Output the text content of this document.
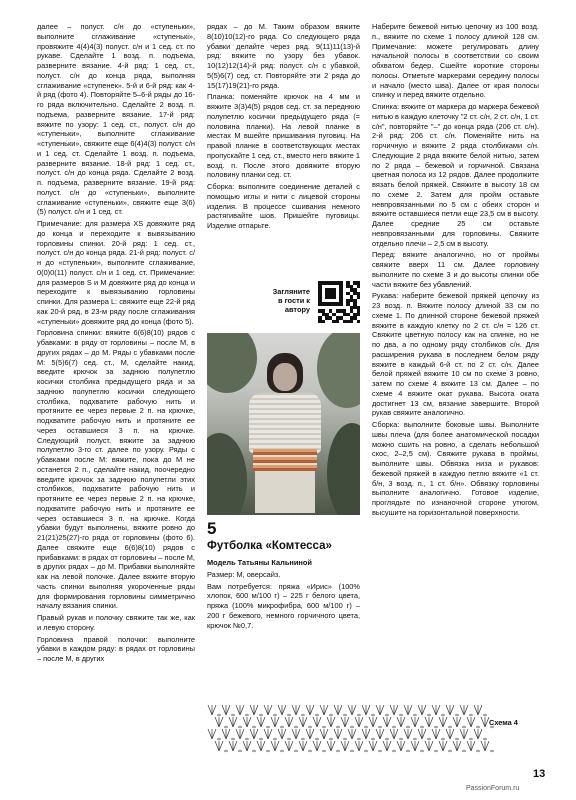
далее – полуст. с/н до «ступеньки», выполните сглаживание «ступенькі», провяжите 4(4)4(3) полуст. с/н и 1 сед. ст. по рукаве. Сделайте 1 возд. п. подъема, разверните вязание. 4-й ряд: 1 сед. ст., полуст. с/н до конца ряда, выполняя сглаживание «ступенек». 5-й и 6-й ряд: как 4-й ряд (фото 4). Повторяйте 5–6-й ряды до 16-го ряда включительно. Сделайте 2 возд. п. подъема, разверните вязание. 17-й ряд: вяжите по узору: 1 сед. ст., полуст. с/н до «ступеньки», выполните сглаживание «ступеньки», свяжите еще 6(4)4(3) полуст. с/н и 1 сед. ст. Сделайте 1 возд. п. подъема, разверните вязание. 18-й ряд: 1 сед. ст., полуст. с/н до конца ряда. Сделайте 2 возд. п. подъема, разверните вязание. 19-й ряд: полуст. с/н до «ступеньки», выполните сглаживание «ступеньки», свяжите еще 3(6)(5) полуст. с/н и 1 сед. ст.

Примечание: для размера XS довяжите ряд до конца и переходите к вывязыванию горловины спинки. 20-й ряд: 1 сед. ст., полуст. с/н до конца ряда. 21-й ряд: полуст. с/н до «ступеньки», выполните сглаживание, 0(0)0(11) полуст. с/н и 1 сед. ст. Примечание: для размеров S и M довяжите ряд до конца и переходите к вывязыванию горловины спинки. Для размера L: свяжите еще 22-й ряд как 20-й ряд, в 23-м ряду после сглаживания «ступеньки» довяжите ряд до конца (фото 5).

Горловина спинки: вяжите 6(6)8(10) рядов с убавками: в ряду от горловины – после М, в других рядах – до М. Ряды с убавками после М: 5(5)6(7) сед. ст., М, сделайте накид, введите крючок за заднюю полупетлю косички столбика предыдущего ряда и за заднюю полупетлю косички следующего столбика, подхватите рабочую нить и протяните ее через первые 2 п. на крючке, подхватите рабочую нить и протяните ее через оставшиеся 3 п. на крючке. Следующий полуст. вяжите за заднюю полупетлю 3-го ст. далее по узору. Ряды с убавками после М: вяжите, пока до М не останется 2 п., сделайте накид, поочередно введите крючок за заднюю полупетли этих столбиков, подхватите рабочую нить и протяните ее через первые 2 п. на крючке, подхватите рабочую нить и протяните ее через оставшиеся 3 п. на крючке. Когда убавки будут выполнены, вяжите ровно до 21(21)25(27)-го ряда от горловины (фото 6). Далее свяжите еще 6(6)8(10) рядов с прибавками: в рядах от горловины – после М, в других рядах – до М. Прибавки выполняйте как на левой полочке. Далее вяжите вторую часть спинки выполняя укороченные ряды для формирования горловины симметрично началу вязания спинки.

Правый рукав и полочку свяжите так же, как и левую сторону.

Горловина правой полочки: выполните убавки в каждом ряду: в рядах от горловины – после М, в других

рядах – до М. Таким образом вяжите 8(10)10(12)-го ряда. Со следующего ряда убавки делайте через ряд. 9(11)11(13)-й ряд: вяжите по узору без убавок. 10(12)12(14)-й ряд: полуст. с/н с убавкой, 5(5)6(7) сед. ст. Повторяйте эти 2 ряда до 15(17)19(21)-го ряда.

Планка: поменяйте крючок на 4 мм и вяжите 3(3)4(5) рядов сед. ст. за переднюю полупетлю косички предыдущего ряда (= половина планки). На левой планке в местах М вшейте пришивания пуговиц. На правой планке в соответствующих местах пропускайте 1 сед. ст., вместо него вяжите 1 возд. п. После этого довяжите вторую половину планки сед. ст.

Сборка: выполните соединение деталей с помощью иглы и нити с лицевой стороны изделия. В процессе сшивания немного растягивайте шов. Пришейте пуговицы. Изделие отпарьте.

Загляните в гости к автору
5
Футболка «Комтесса»

Модель Татьяны Кальниной

Размер: М, оверсайз.

Вам потребуется: пряжа «Ирис» (100% хлопок, 600 м/100 г) – 225 г белого цвета, пряжа (100% микрофибра, 600 м/100 г) – 200 г бежевого, немного горчичного цвета, крючок №0,7.

Наберите бежевой нитью цепочку из 100 возд. п., вяжите по схеме 1 полосу длиной 128 см. Примечание: можете регулировать длину начальной полосы в соответствии со своим обхватом бедер. Сшейте короткие стороны полосы. Отметьте маркерами середину полосы и начало (место шва). Далее от края полосы спинку и перед вяжите отдельно.

Спинка: вяжите от маркера до маркера бежевой нитью в каждую клеточку "2 ст. с/н, 2 ст. с/н, 1 ст. с/н", повторяйте "–" до конца ряда (206 ст. с/н). 2-й ряд: 206 ст. с/н. Поменяйте нить на горчичную и вяжите 2 ряда столбиками с/н. Следующие 2 ряда вяжите белой нитью, затем по 2 ряда – бежевой и горчичной. Связана цветная полоса из 12 рядов. Далее продолжите вязать белой пряжей. Свяжите в высоту 18 см по схеме 2. Затем для пройм оставьте невпровязанными по 5 см с обеих сторон и вяжите оставшиеся петли еще 23,5 см в высоту. Далее средние 25 см оставьте невпровязанными для горловины. Свяжите отдельно плечи – 2,5 см в высоту.

Перед: вяжите аналогично, но от проймы свяжите вверх 11 см. Далее горловину выполните по схеме 3 и до высоты спинки обе части вяжите без убавлений.

Рукава: наберите бежевой пряжей цепочку из 23 возд. п. Вяжите полосу длиной 33 см по схеме 1. По длинной стороне бежевой пряжей вяжите в каждую клетку по 2 ст. с/н = 126 ст. Свяжите цветную полосу как на спинке, но не по два, а по одному ряду столбиков с/н. Для расширения рукава в последнем белом ряду вяжите в каждый 6-й ст. по 2 ст. с/н. Далее белой пряжей вяжите 10 см по схеме 3 ровно, затем по схеме 4 вяжите 13 см. Далее – по схеме 4 вяжите окат рукава. Высота оката достигнет 13 см, вязание завершите. Второй рукав свяжите аналогично.

Сборка: выполните боковые швы. Выполните швы плеча (для более анатомической посадки можно сшить на ровно, а сделать небольшой скос, 2–2,5 см). Свяжите рукава в проймы, выполните швы. Обвязка низа и рукавов: бежевой пряжей в каждую петлю вяжите «1 ст. б/н, 3 возд. п., 1 ст. б/н». Обвязку горловины выполните аналогично. Готовое изделие, проглядьте по изнаночной стороне утюгом, высушите на горизонтальной поверхности.

Схема 4
13
PassionForum.ru
